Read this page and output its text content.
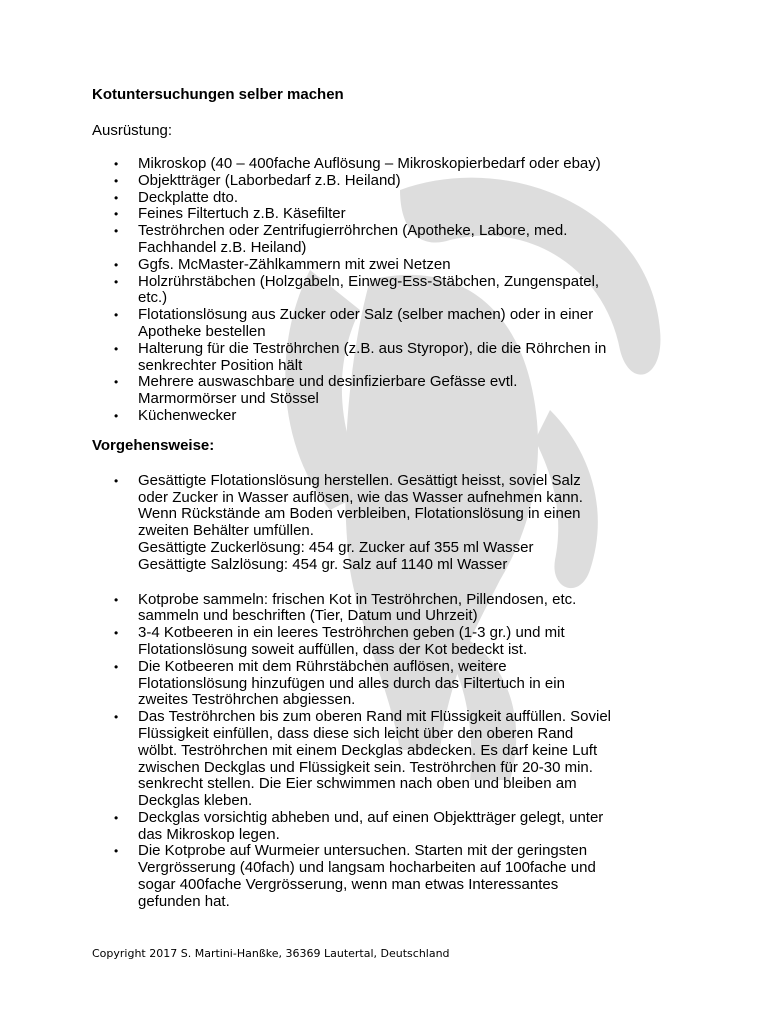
Kotuntersuchungen selber machen
Ausrüstung:
• Mikroskop (40 – 400fache Auflösung – Mikroskopierbedarf oder ebay)
• Objektträger (Laborbedarf z.B. Heiland)
• Deckplatte dto.
• Feines Filtertuch z.B. Käsefilter
• Teströhrchen oder Zentrifugierröhrchen (Apotheke, Labore, med.
Fachhandel z.B. Heiland)
• Ggfs. McMaster-Zählkammern mit zwei Netzen
• Holzrührstäbchen (Holzgabeln, Einweg-Ess-Stäbchen, Zungenspatel,
etc.)
• Flotationslösung aus Zucker oder Salz (selber machen) oder in einer
Apotheke bestellen
• Halterung für die Teströhrchen (z.B. aus Styropor), die die Röhrchen in
senkrechter Position hält
• Mehrere auswaschbare und desinfizierbare Gefässe evtl.
Marmormörser und Stössel
• Küchenwecker
Vorgehensweise:
• Gesättigte Flotationslösung herstellen. Gesättigt heisst, soviel Salz
oder Zucker in Wasser auflösen, wie das Wasser aufnehmen kann.
Wenn Rückstände am Boden verbleiben, Flotationslösung in einen
zweiten Behälter umfüllen.
Gesättigte Zuckerlösung: 454 gr. Zucker auf 355 ml Wasser
Gesättigte Salzlösung: 454 gr. Salz auf 1140 ml Wasser
• Kotprobe sammeln: frischen Kot in Teströhrchen, Pillendosen, etc.
sammeln und beschriften (Tier, Datum und Uhrzeit)
• 3-4 Kotbeeren in ein leeres Teströhrchen geben (1-3 gr.) und mit
Flotationslösung soweit auffüllen, dass der Kot bedeckt ist.
• Die Kotbeeren mit dem Rührstäbchen auflösen, weitere
Flotationslösung hinzufügen und alles durch das Filtertuch in ein
zweites Teströhrchen abgiessen.
• Das Teströhrchen bis zum oberen Rand mit Flüssigkeit auffüllen. Soviel
Flüssigkeit einfüllen, dass diese sich leicht über den oberen Rand
wölbt. Teströhrchen mit einem Deckglas abdecken. Es darf keine Luft
zwischen Deckglas und Flüssigkeit sein. Teströhrchen für 20-30 min.
senkrecht stellen. Die Eier schwimmen nach oben und bleiben am
Deckglas kleben.
• Deckglas vorsichtig abheben und, auf einen Objektträger gelegt, unter
das Mikroskop legen.
• Die Kotprobe auf Wurmeier untersuchen. Starten mit der geringsten
Vergrösserung (40fach) und langsam hocharbeiten auf 100fache und
sogar 400fache Vergrösserung, wenn man etwas Interessantes
gefunden hat.
Copyright 2017 S. Martini-Hanßke, 36369 Lautertal, Deutschland
